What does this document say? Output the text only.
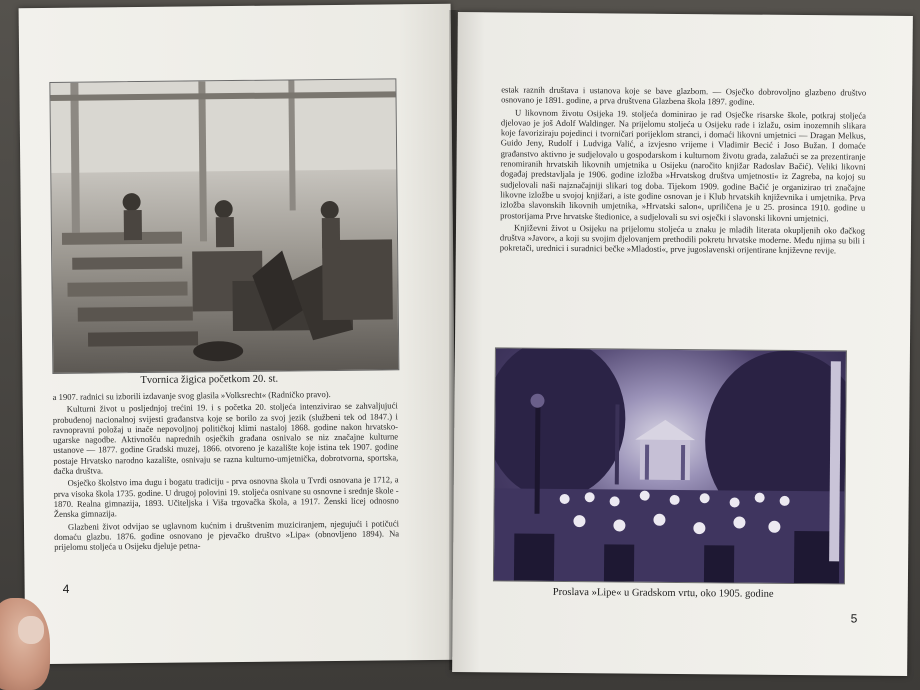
Tvornica žigica početkom 20. st.

a 1907. radnici su izborili izdavanje svog glasila »Volksrecht« (Radničko pravo).

Kulturni život u posljednjoj trećini 19. i s početka 20. stoljeća intenzivirao se zahvaljujući probuđenoj nacionalnoj svijesti građanstva koje se borilo za svoj jezik (službeni tek od 1847.) i ravnopravni položaj u inače nepovoljnoj političkoj klimi nastaloj 1868. godine nakon hrvatsko-ugarske nagodbe. Aktivnošću naprednih osječkih građana osnivalo se niz značajne kulturne ustanove — 1877. godine Gradski muzej, 1866. otvoreno je kazalište koje istina tek 1907. godine postaje Hrvatsko narodno kazalište, osnivaju se razna kulturno-umjetnička, dobrotvorna, sportska, đačka društva.

Osječko školstvo ima dugu i bogatu tradiciju - prva osnovna škola u Tvrđi osnovana je 1712, a prva visoka škola 1735. godine. U drugoj polovini 19. stoljeća osnivane su osnovne i srednje škole - 1870. Realna gimnazija, 1893. Učiteljska i Viša trgovačka škola, a 1917. Ženski licej odnosno Ženska gimnazija.

Glazbeni život odvijao se uglavnom kućnim i društvenim muziciranjem, njegujući i potičući domaću glazbu. 1876. godine osnovano je pjevačko društvo »Lipa« (obnovljeno 1894). Na prijelomu stoljeća u Osijeku djeluje petna-

4

estak raznih društava i ustanova koje se bave glazbom. — Osječko dobrovoljno glazbeno društvo osnovano je 1891. godine, a prva društvena Glazbena škola 1897. godine.

U likovnom životu Osijeka 19. stoljeća dominirao je rad Osječke risarske škole, potkraj stoljeća djelovao je još Adolf Waldinger. Na prijelomu stoljeća u Osijeku rade i izlažu, osim inozemnih slikara koje favoriziraju pojedinci i tvorničari porijeklom stranci, i domaći likovni umjetnici — Dragan Melkus, Guido Jeny, Rudolf i Ludviga Valić, a izvjesno vrijeme i Vladimir Becić i Joso Bužan. I domaće građanstvo aktivno je sudjelovalo u gospodarskom i kulturnom životu grada, zalažući se za prezentiranje renomiranih hrvatskih likovnih umjetnika u Osijeku (naročito knjižar Radoslav Bačić). Veliki likovni događaj predstavljala je 1906. godine izložba »Hrvatskog društva umjetnosti« iz Zagreba, na kojoj su sudjelovali naši najznačajniji slikari tog doba. Tijekom 1909. godine Bačić je organizirao tri značajne likovne izložbe u svojoj knjižari, a iste godine osnovan je i Klub hrvatskih književnika i umjetnika. Prva izložba slavonskih likovnih umjetnika, »Hrvatski salon«, upriličena je u 25. prosinca 1910. godine u prostorijama Prve hrvatske štedionice, a sudjelovali su svi osječki i slavonski likovni umjetnici.

Književni život u Osijeku na prijelomu stoljeća u znaku je mladih literata okupljenih oko đačkog društva »Javor«, a koji su svojim djelovanjem prethodili pokretu hrvatske moderne. Među njima su bili i pokretači, urednici i suradnici bečke »Mladosti«, prve jugoslavenski orijentirane književne revije.

Proslava »Lipe« u Gradskom vrtu, oko 1905. godine
5
